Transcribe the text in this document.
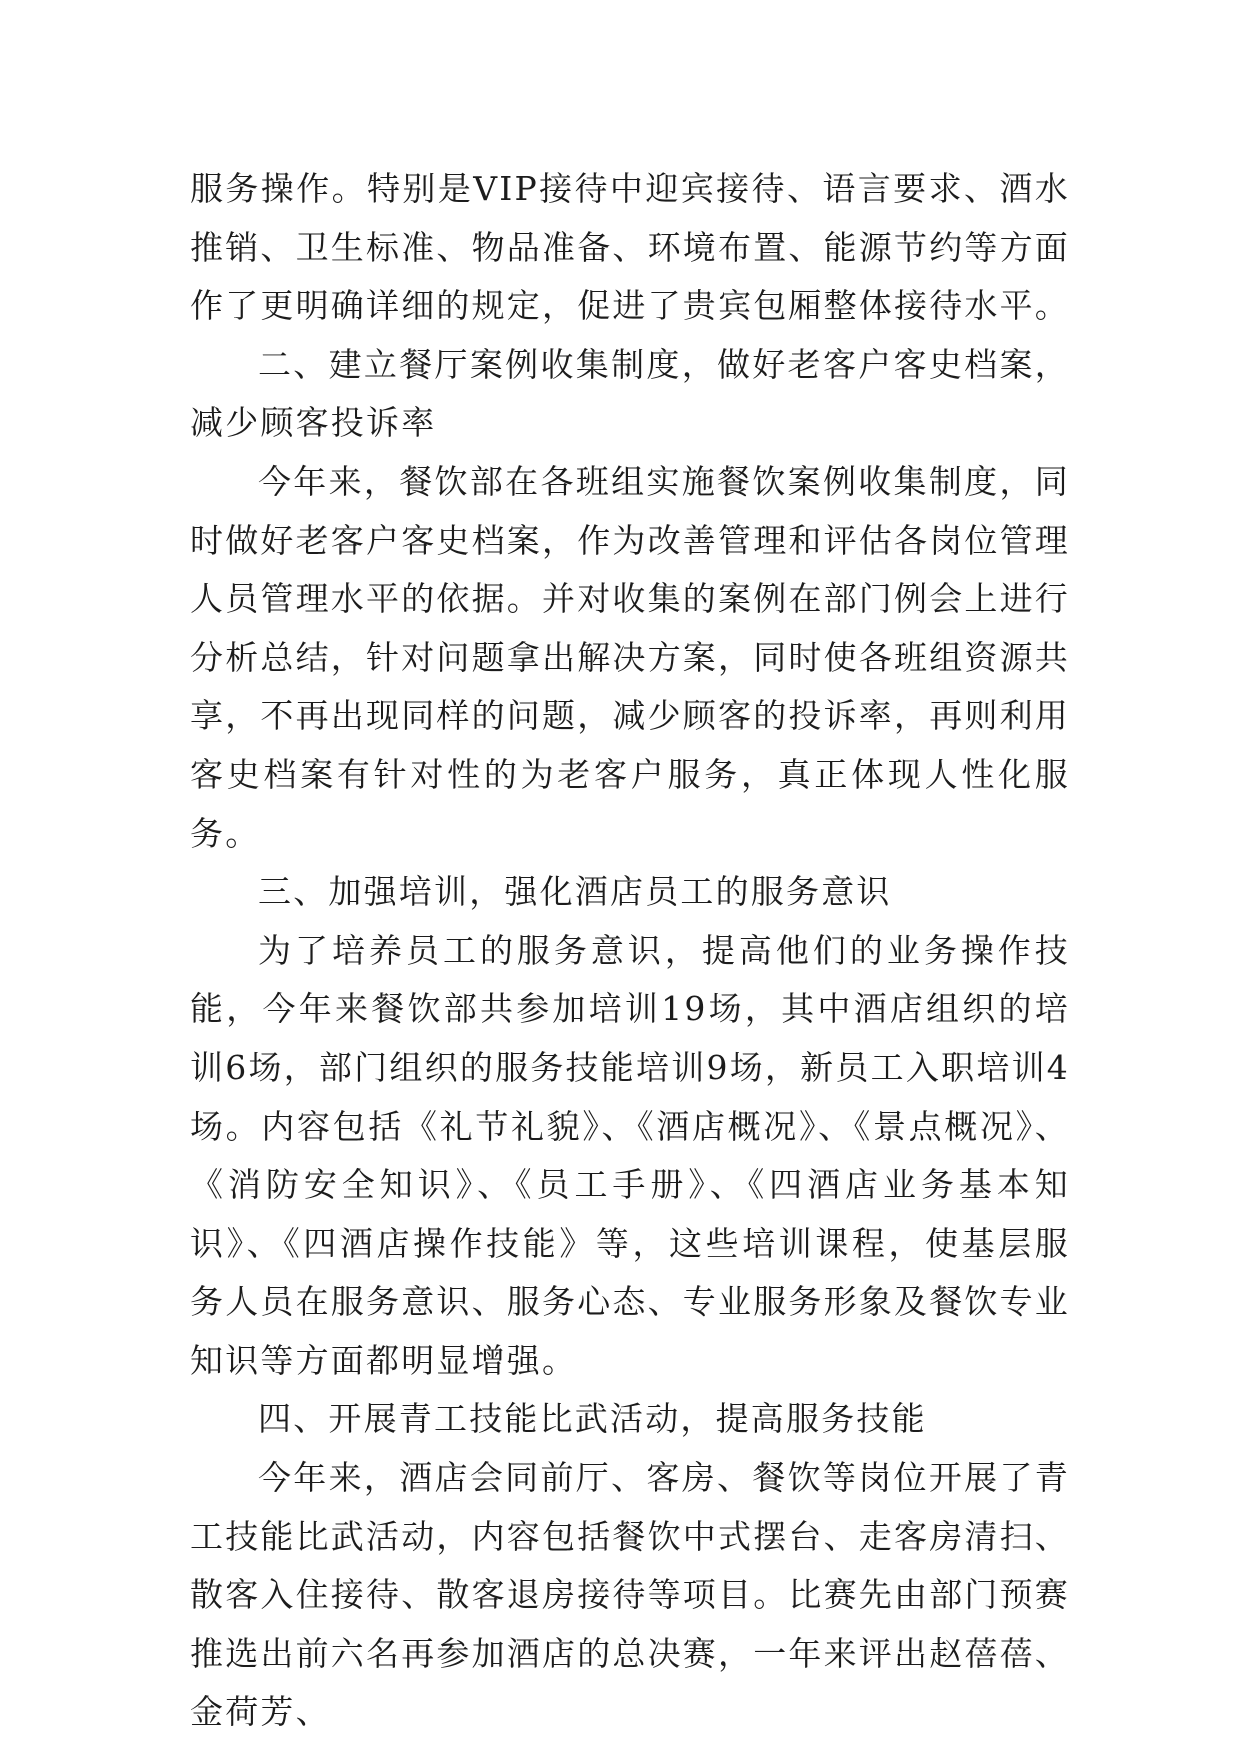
服务操作。特别是VIP接待中迎宾接待、语言要求、酒水推销、卫生标准、物品准备、环境布置、能源节约等方面作了更明确详细的规定，促进了贵宾包厢整体接待水平。

二、建立餐厅案例收集制度，做好老客户客史档案，减少顾客投诉率

今年来，餐饮部在各班组实施餐饮案例收集制度，同时做好老客户客史档案，作为改善管理和评估各岗位管理人员管理水平的依据。并对收集的案例在部门例会上进行分析总结，针对问题拿出解决方案，同时使各班组资源共享，不再出现同样的问题，减少顾客的投诉率，再则利用客史档案有针对性的为老客户服务，真正体现人性化服务。

三、加强培训，强化酒店员工的服务意识

为了培养员工的服务意识，提高他们的业务操作技能，今年来餐饮部共参加培训19场，其中酒店组织的培训6场，部门组织的服务技能培训9场，新员工入职培训4场。内容包括《礼节礼貌》、《酒店概况》、《景点概况》、《消防安全知识》、《员工手册》、《四酒店业务基本知识》、《四酒店操作技能》等，这些培训课程，使基层服务人员在服务意识、服务心态、专业服务形象及餐饮专业知识等方面都明显增强。

四、开展青工技能比武活动，提高服务技能

今年来，酒店会同前厅、客房、餐饮等岗位开展了青工技能比武活动，内容包括餐饮中式摆台、走客房清扫、散客入住接待、散客退房接待等项目。比赛先由部门预赛推选出前六名再参加酒店的总决赛，一年来评出赵蓓蓓、金荷芳、
